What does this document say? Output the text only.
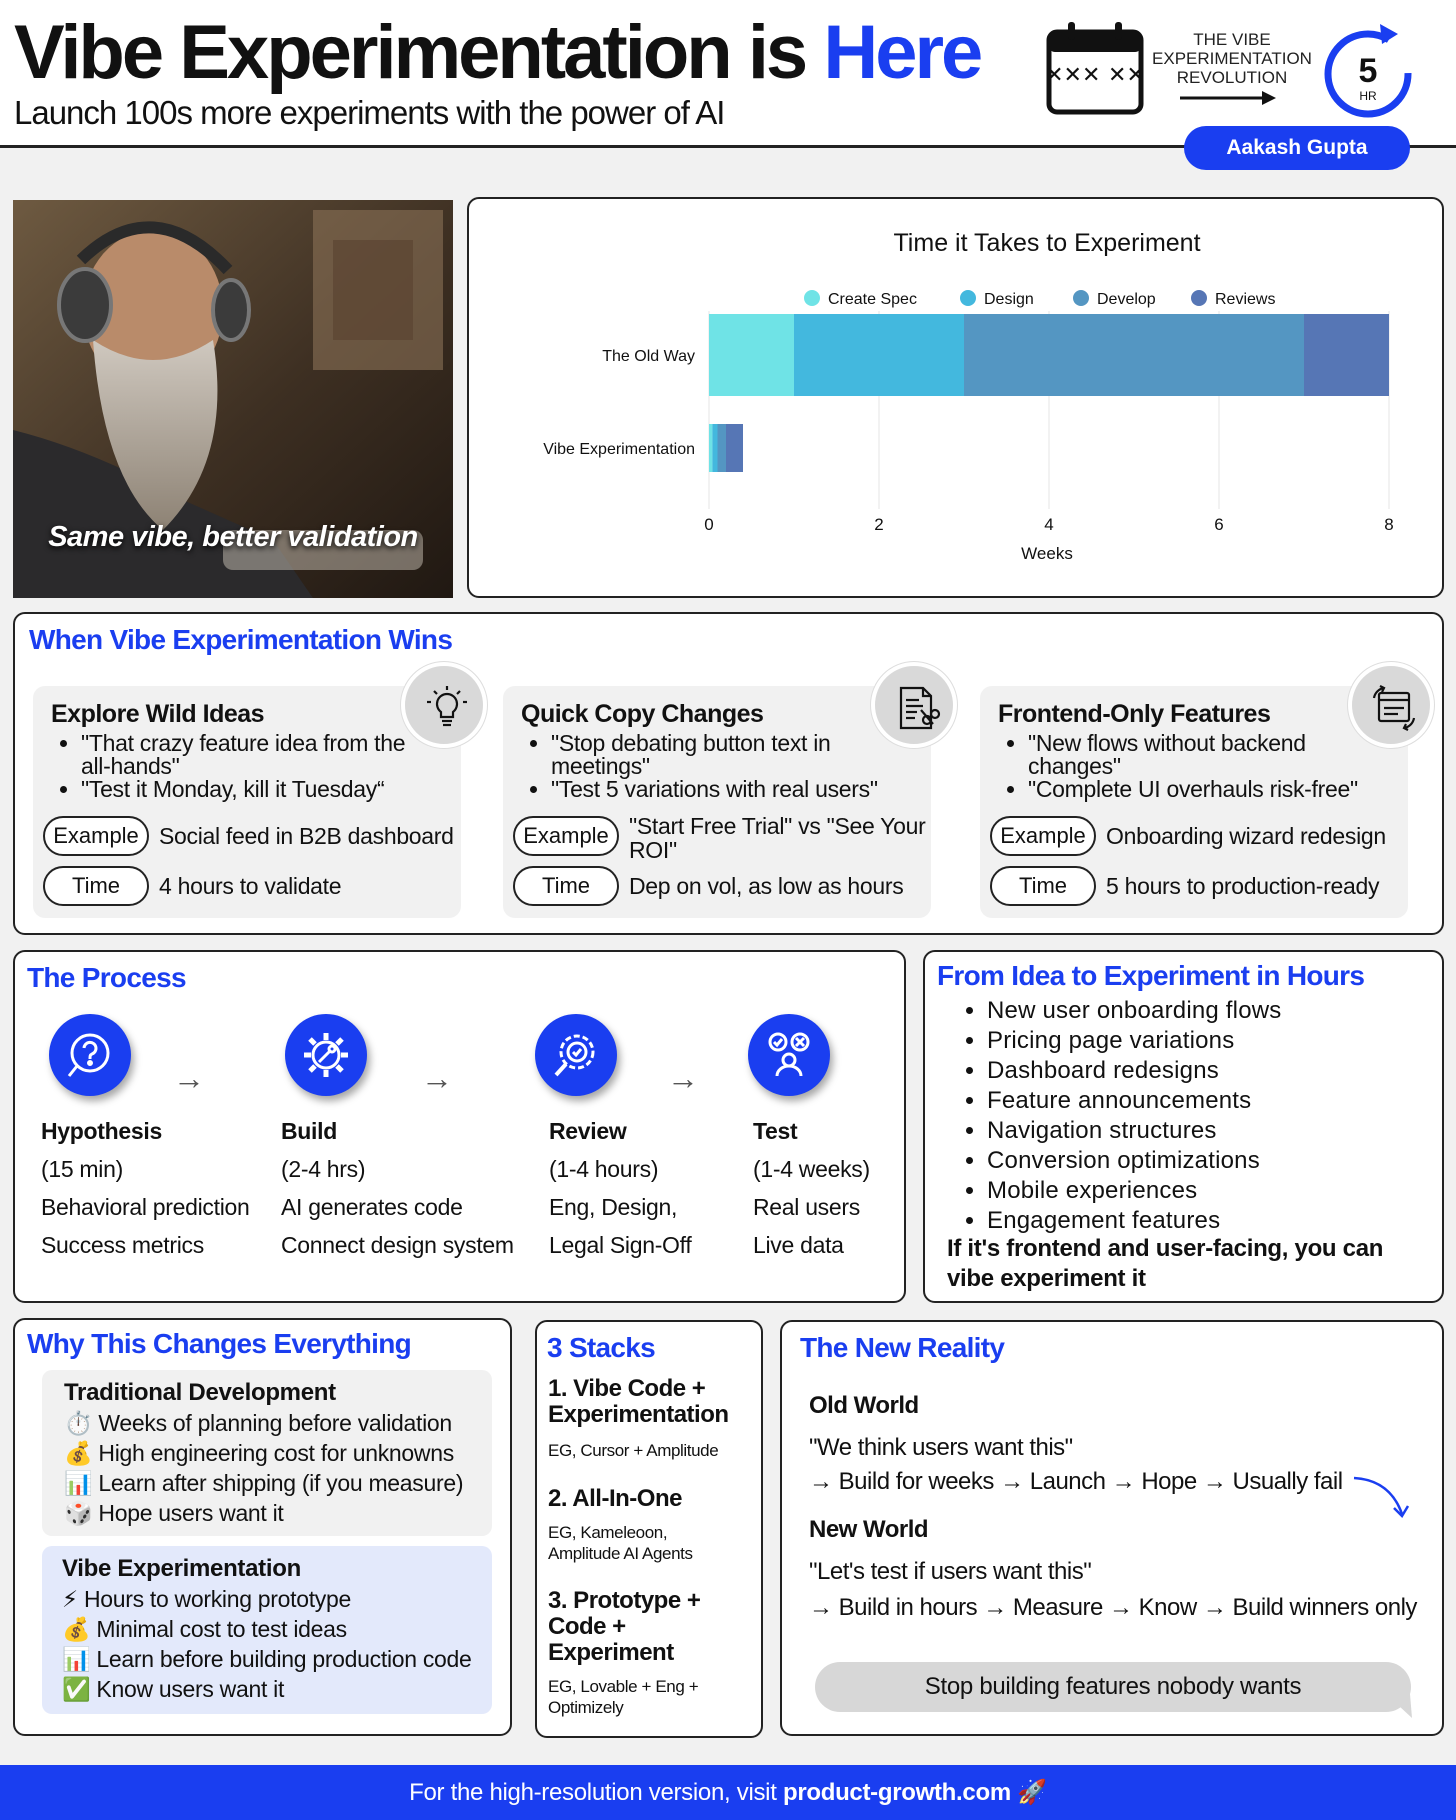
Vibe Experimentation is Here
Launch 100s more experiments with the power of AI
✕✕✕ ✕✕
THE VIBE
EXPERIMENTATION
REVOLUTION	5
HR
Aakash Gupta
Same vibe, better validation
Time it Takes to Experiment
Create Spec	Design	Develop	Reviews
The Old Way
Vibe Experimentation
0	2	4	6	8
Weeks
When Vibe Experimentation Wins
Explore Wild Ideas
• "That crazy feature idea from the all-hands"
• "Test it Monday, kill it Tuesday“
Example Social feed in B2B dashboard
Time	4 hours to validate
Quick Copy Changes
• "Stop debating button text in meetings"
• "Test 5 variations with real users"
Example "Start Free Trial" vs "See Your ROI"
Time	Dep on vol, as low as hours
Frontend-Only Features
• "New flows without backend changes"
• "Complete UI overhauls risk-free"
Example Onboarding wizard redesign
Time	5 hours to production-ready
The Process
→	→	→
Hypothesis
(15 min)
Behavioral prediction
Success metrics
Build
(2-4 hrs)
AI generates code
Connect design system
Review
(1-4 hours)
Eng, Design,
Legal Sign-Off
Test
(1-4 weeks)
Real users
Live data
From Idea to Experiment in Hours
• New user onboarding flows
• Pricing page variations
• Dashboard redesigns
• Feature announcements
• Navigation structures
• Conversion optimizations
• Mobile experiences
• Engagement features
If it's frontend and user-facing, you can vibe experiment it
Why This Changes Everything
Traditional Development
⏱️ Weeks of planning before validation
💰 High engineering cost for unknowns
📊 Learn after shipping (if you measure)
🎲 Hope users want it
Vibe Experimentation
⚡ Hours to working prototype
💰 Minimal cost to test ideas
📊 Learn before building production code
✅ Know users want it
3 Stacks
1. Vibe Code + Experimentation
EG, Cursor + Amplitude
2. All-In-One
EG, Kameleoon, Amplitude AI Agents
3. Prototype + Code + Experiment
EG, Lovable + Eng + Optimizely
The New Reality
Old World
"We think users want this"
→ Build for weeks → Launch → Hope → Usually fail
New World
"Let's test if users want this"
→ Build in hours → Measure → Know → Build winners only
Stop building features nobody wants
For the high-resolution version, visit product-growth.com 🚀
